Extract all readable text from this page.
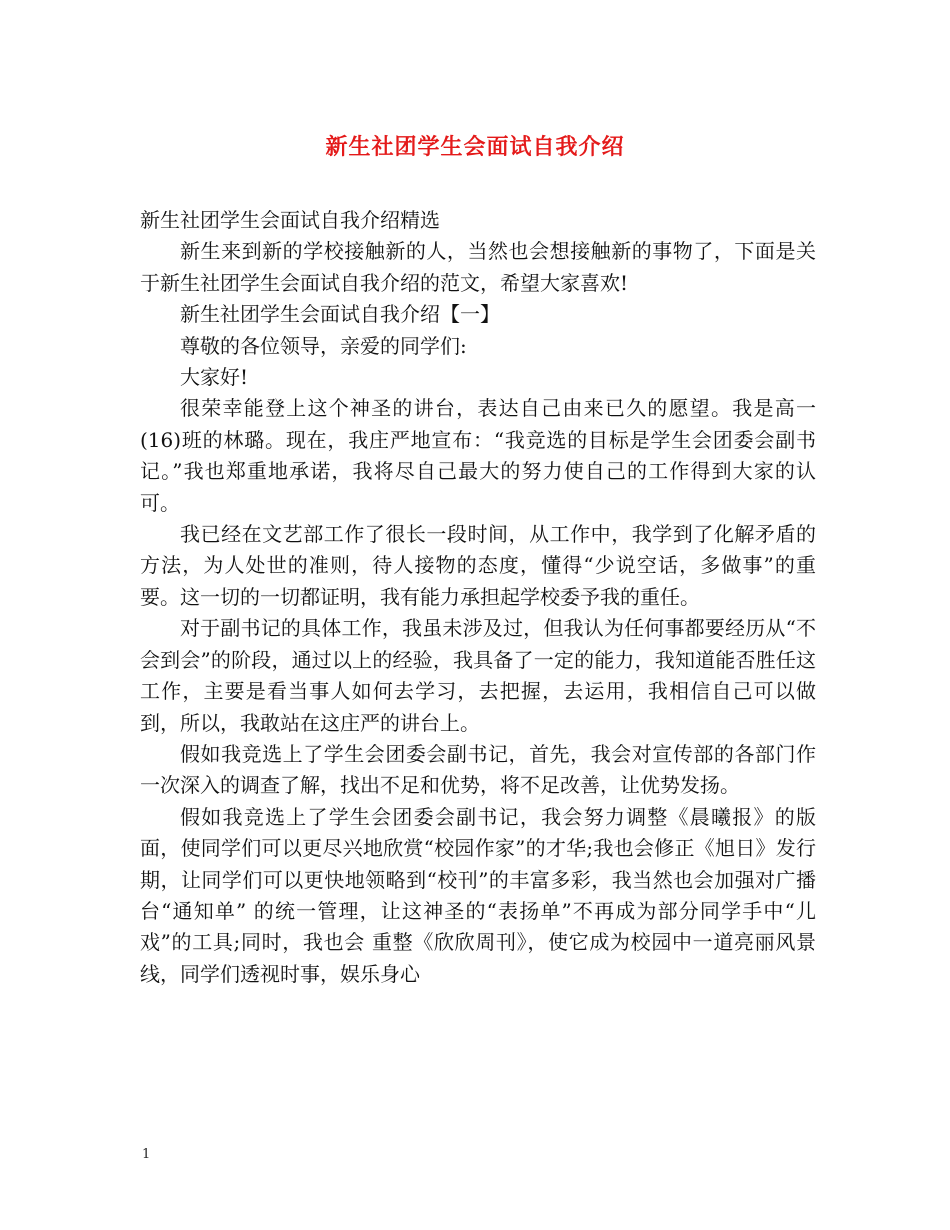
新生社团学生会面试自我介绍

新生社团学生会面试自我介绍精选

新生来到新的学校接触新的人，当然也会想接触新的事物了，下面是关于新生社团学生会面试自我介绍的范文，希望大家喜欢!

新生社团学生会面试自我介绍【一】

尊敬的各位领导，亲爱的同学们:

大家好!

很荣幸能登上这个神圣的讲台，表达自己由来已久的愿望。我是高一(16)班的林璐。现在，我庄严地宣布：“我竞选的目标是学生会团委会副书记。”我也郑重地承诺，我将尽自己最大的努力使自己的工作得到大家的认可。

我已经在文艺部工作了很长一段时间，从工作中，我学到了化解矛盾的方法，为人处世的准则，待人接物的态度，懂得“少说空话，多做事”的重要。这一切的一切都证明，我有能力承担起学校委予我的重任。

对于副书记的具体工作，我虽未涉及过，但我认为任何事都要经历从“不会到会”的阶段，通过以上的经验，我具备了一定的能力，我知道能否胜任这工作，主要是看当事人如何去学习，去把握，去运用，我相信自己可以做到，所以，我敢站在这庄严的讲台上。

假如我竞选上了学生会团委会副书记，首先，我会对宣传部的各部门作一次深入的调查了解，找出不足和优势，将不足改善，让优势发扬。

假如我竞选上了学生会团委会副书记，我会努力调整《晨曦报》的版面，使同学们可以更尽兴地欣赏“校园作家”的才华;我也会修正《旭日》发行期，让同学们可以更快地领略到“校刊”的丰富多彩，我当然也会加强对广播台“通知单” 的统一管理，让这神圣的“表扬单”不再成为部分同学手中“儿戏”的工具;同时，我也会 重整《欣欣周刊》，使它成为校园中一道亮丽风景线，同学们透视时事，娱乐身心

1
